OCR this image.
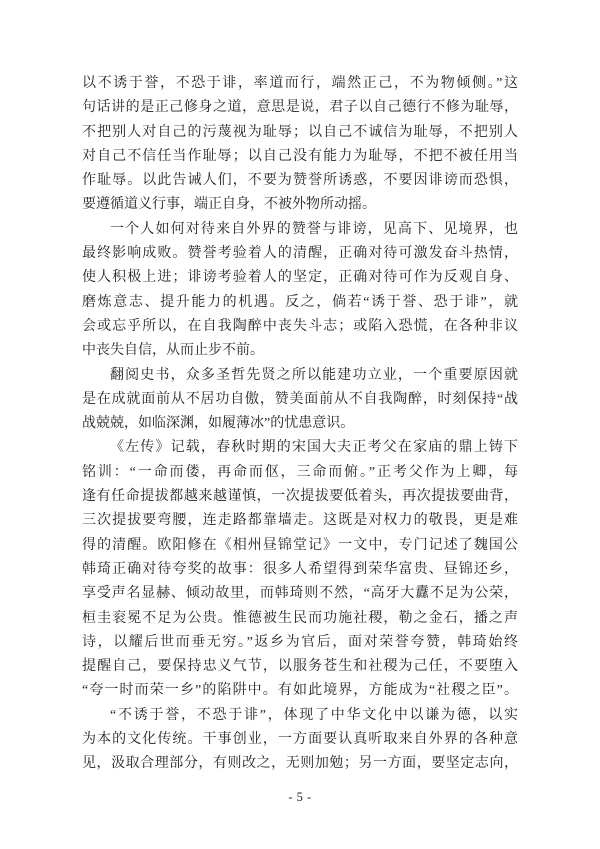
以不诱于誉，不恐于诽，率道而行，端然正己，不为物倾侧。”这
句话讲的是正己修身之道，意思是说，君子以自己德行不修为耻辱，
不把别人对自己的污蔑视为耻辱；以自己不诚信为耻辱，不把别人
对自己不信任当作耻辱；以自己没有能力为耻辱，不把不被任用当
作耻辱。以此告诫人们，不要为赞誉所诱惑，不要因诽谤而恐惧，
要遵循道义行事，端正自身，不被外物所动摇。
一个人如何对待来自外界的赞誉与诽谤，见高下、见境界，也
最终影响成败。赞誉考验着人的清醒，正确对待可激发奋斗热情，
使人积极上进；诽谤考验着人的坚定，正确对待可作为反观自身、
磨炼意志、提升能力的机遇。反之，倘若“诱于誉、恐于诽”，就
会或忘乎所以，在自我陶醉中丧失斗志；或陷入恐慌，在各种非议
中丧失自信，从而止步不前。
翻阅史书，众多圣哲先贤之所以能建功立业，一个重要原因就
是在成就面前从不居功自傲，赞美面前从不自我陶醉，时刻保持“战
战兢兢，如临深渊，如履薄冰”的忧患意识。
《左传》记载，春秋时期的宋国大夫正考父在家庙的鼎上铸下
铭训：“一命而偻，再命而伛，三命而俯。”正考父作为上卿，每
逢有任命提拔都越来越谨慎，一次提拔要低着头，再次提拔要曲背，
三次提拔要弯腰，连走路都靠墙走。这既是对权力的敬畏，更是难
得的清醒。欧阳修在《相州昼锦堂记》一文中，专门记述了魏国公
韩琦正确对待夸奖的故事：很多人希望得到荣华富贵、昼锦还乡，
享受声名显赫、倾动故里，而韩琦则不然，“高牙大纛不足为公荣，
桓圭衮冕不足为公贵。惟德被生民而功施社稷，勒之金石，播之声
诗，以耀后世而垂无穷。”返乡为官后，面对荣誉夸赞，韩琦始终
提醒自己，要保持忠义气节，以服务苍生和社稷为己任，不要堕入
“夸一时而荣一乡”的陷阱中。有如此境界，方能成为“社稷之臣”。
“不诱于誉，不恐于诽”，体现了中华文化中以谦为德，以实
为本的文化传统。干事创业，一方面要认真听取来自外界的各种意
见，汲取合理部分，有则改之，无则加勉；另一方面，要坚定志向，
- 5 -
